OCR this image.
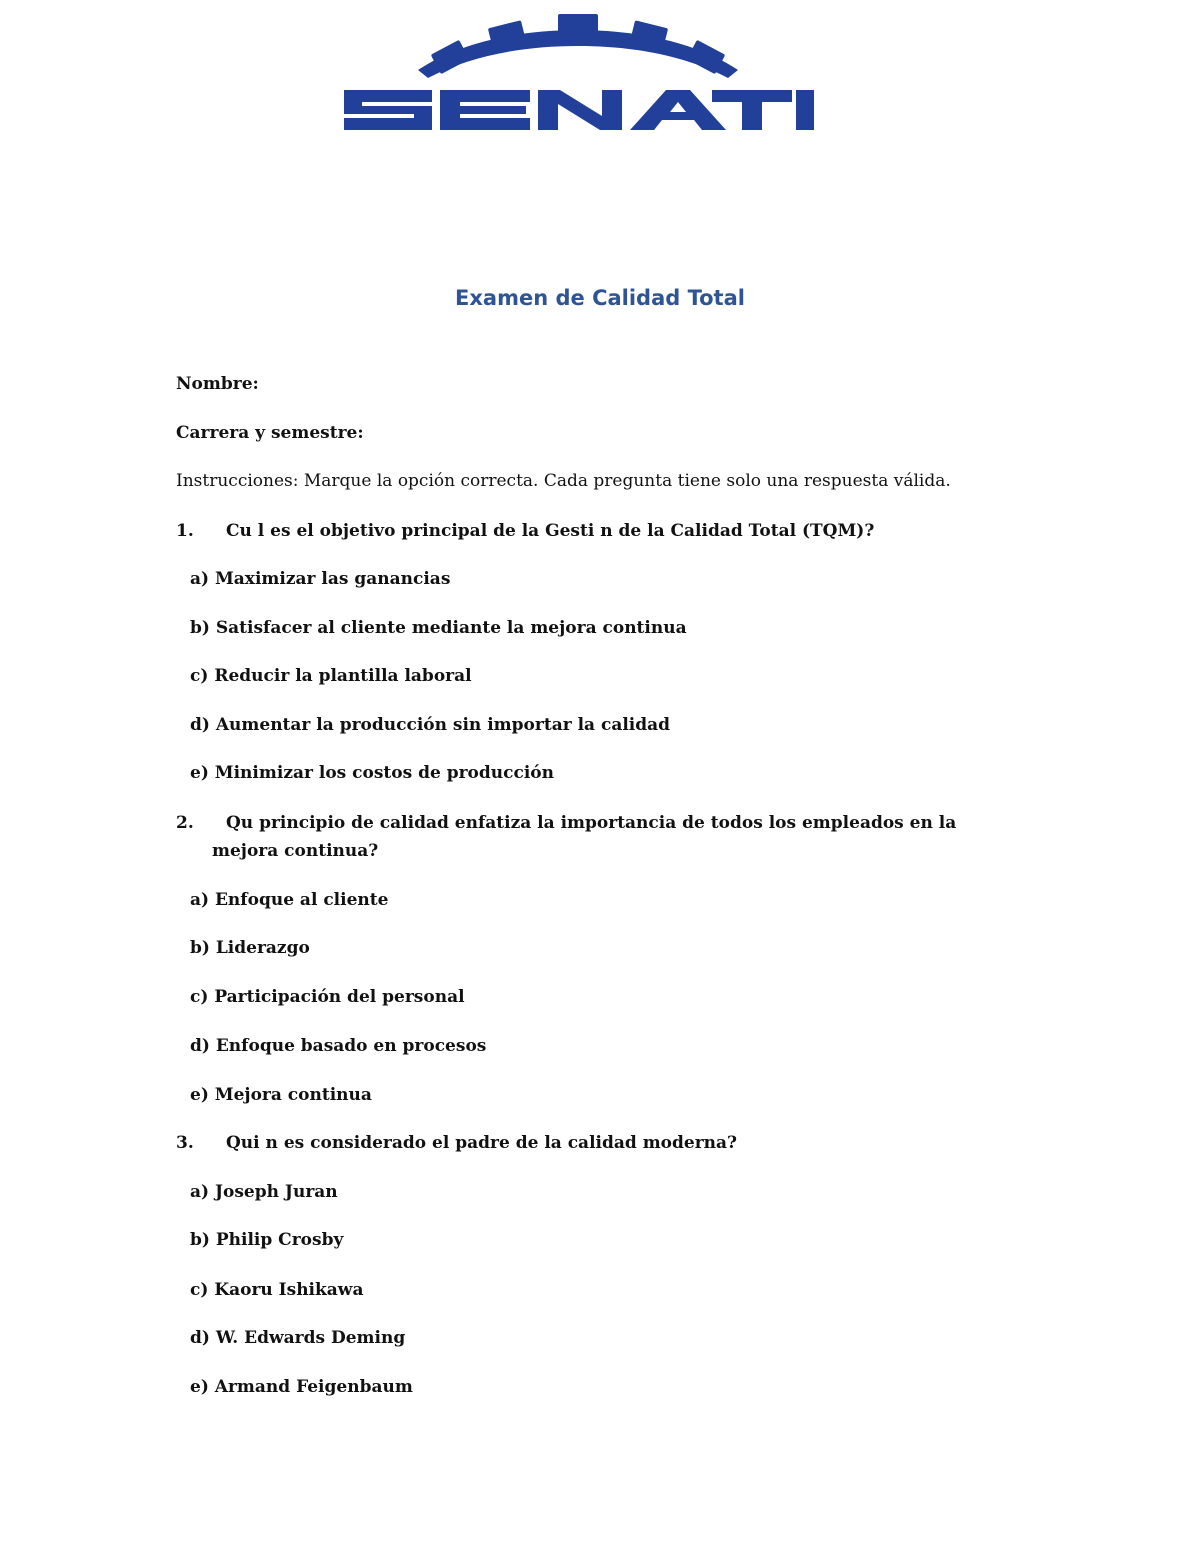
Examen de Calidad Total
Nombre:
Carrera y semestre:
Instrucciones: Marque la opción correcta. Cada pregunta tiene solo una respuesta válida.
1. Cu l es el objetivo principal de la Gesti n de la Calidad Total (TQM)?
a) Maximizar las ganancias
b) Satisfacer al cliente mediante la mejora continua
c) Reducir la plantilla laboral
d) Aumentar la producción sin importar la calidad
e) Minimizar los costos de producción
2. Qu principio de calidad enfatiza la importancia de todos los empleados en la
mejora continua?
a) Enfoque al cliente
b) Liderazgo
c) Participación del personal
d) Enfoque basado en procesos
e) Mejora continua
3. Qui n es considerado el padre de la calidad moderna?
a) Joseph Juran
b) Philip Crosby
c) Kaoru Ishikawa
d) W. Edwards Deming
e) Armand Feigenbaum
